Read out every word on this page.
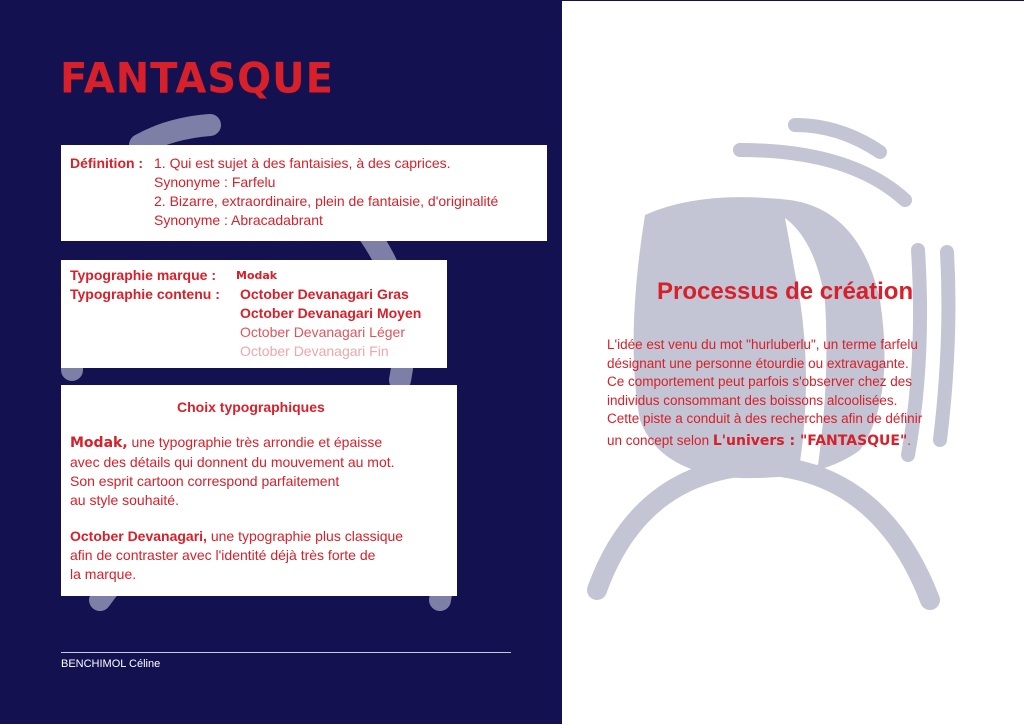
FANTASQUE
Définition : 1. Qui est sujet à des fantaisies, à des caprices.
Synonyme : Farfelu
2. Bizarre, extraordinaire, plein de fantaisie, d'originalité
Synonyme : Abracadabrant
Typographie marque : Modak
Typographie contenu : October Devanagari Gras
October Devanagari Moyen
October Devanagari Léger
October Devanagari Fin
Choix typographiques
Modak, une typographie très arrondie et épaisse
avec des détails qui donnent du mouvement au mot.
Son esprit cartoon correspond parfaitement
au style souhaité.
October Devanagari, une typographie plus classique
afin de contraster avec l'identité déjà très forte de
la marque.
BENCHIMOL Céline
Processus de création
L'idée est venu du mot "hurluberlu", un terme farfelu
désignant une personne étourdie ou extravagante.
Ce comportement peut parfois s'observer chez des
individus consommant des boissons alcoolisées.
Cette piste a conduit à des recherches afin de définir
un concept selon L'univers : "FANTASQUE".
